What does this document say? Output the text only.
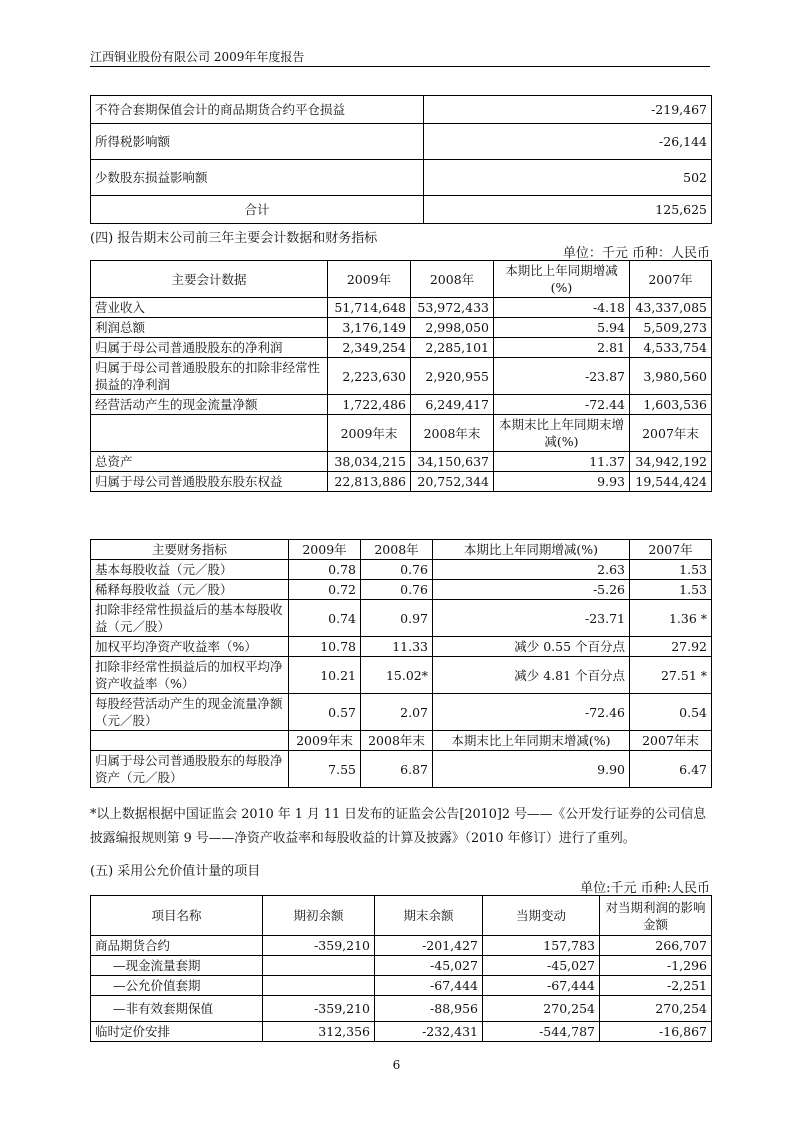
江西铜业股份有限公司 2009年年度报告
不符合套期保值会计的商品期货合约平仓损益	-219,467
所得税影响额	-26,144
少数股东损益影响额	502
合计	125,625
(四) 报告期末公司前三年主要会计数据和财务指标
单位：千元 币种：人民币
主要会计数据	2009年	2008年	本期比上年同期增减(%)	2007年
营业收入	51,714,648	53,972,433	-4.18	43,337,085
利润总额	3,176,149	2,998,050	5.94	5,509,273
归属于母公司普通股股东的净利润	2,349,254	2,285,101	2.81	4,533,754
归属于母公司普通股股东的扣除非经常性损益的净利润	2,223,630	2,920,955	-23.87	3,980,560
经营活动产生的现金流量净额	1,722,486	6,249,417	-72.44	1,603,536
	2009年末	2008年末	本期末比上年同期末增减(%)	2007年末
总资产	38,034,215	34,150,637	11.37	34,942,192
归属于母公司普通股股东股东权益	22,813,886	20,752,344	9.93	19,544,424
主要财务指标	2009年	2008年	本期比上年同期增减(%)	2007年
基本每股收益（元／股）	0.78	0.76	2.63	1.53
稀释每股收益（元／股）	0.72	0.76	-5.26	1.53
扣除非经常性损益后的基本每股收益（元／股）	0.74	0.97	-23.71	1.36 *
加权平均净资产收益率（%）	10.78	11.33	减少 0.55 个百分点	27.92
扣除非经常性损益后的加权平均净资产收益率（%）	10.21	15.02*	减少 4.81 个百分点	27.51 *
每股经营活动产生的现金流量净额（元／股）	0.57	2.07	-72.46	0.54
	2009年末	2008年末	本期末比上年同期末增减(%)	2007年末
归属于母公司普通股股东的每股净资产（元／股）	7.55	6.87	9.90	6.47
*以上数据根据中国证监会 2010 年 1 月 11 日发布的证监会公告[2010]2 号——《公开发行证券的公司信息披露编报规则第 9 号——净资产收益率和每股收益的计算及披露》（2010 年修订）进行了重列。
(五) 采用公允价值计量的项目
单位:千元 币种:人民币
项目名称	期初余额	期末余额	当期变动	对当期利润的影响金额
商品期货合约	-359,210	-201,427	157,783	266,707
—现金流量套期		-45,027	-45,027	-1,296
—公允价值套期		-67,444	-67,444	-2,251
—非有效套期保值	-359,210	-88,956	270,254	270,254
临时定价安排	312,356	-232,431	-544,787	-16,867
6
